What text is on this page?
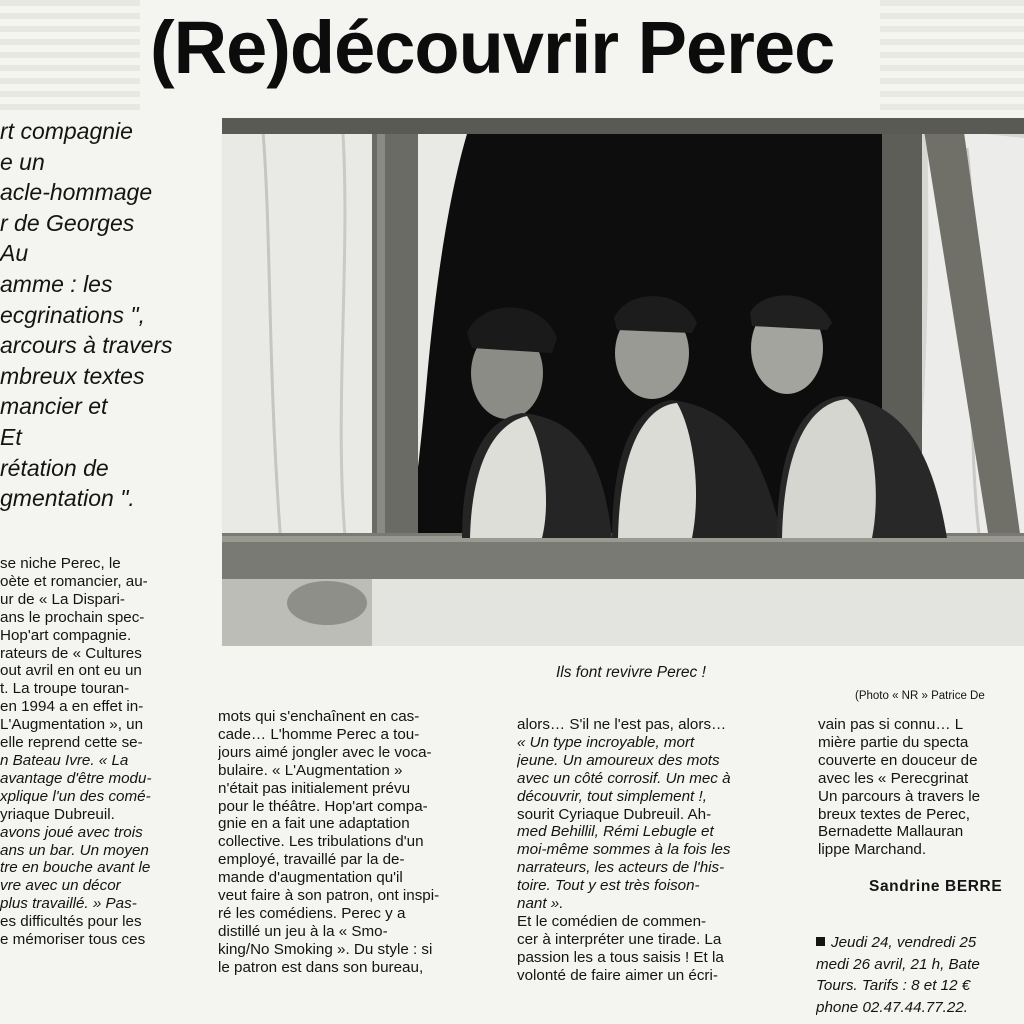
(Re)découvrir Perec
rt compagnie
e un
acle-hommage
r de Georges
Au
amme : les
ecgrinations ",
arcours à travers
mbreux textes
mancier et
Et
rétation de
gmentation ".
se niche Perec, le
oète et romancier, au-
ur de « La Dispari-
ans le prochain spec-
Hop'art compagnie.
rateurs de « Cultures
out avril en ont eu un
t. La troupe touran-
en 1994 a en effet in-
L'Augmentation », un
elle reprend cette se-
n Bateau Ivre. « La
avantage d'être modu-
xplique l'un des comé-
yriaque Dubreuil.
avons joué avec trois
ans un bar. Un moyen
tre en bouche avant le
vre avec un décor
plus travaillé. » Pas-
es difficultés pour les
e mémoriser tous ces
mots qui s'enchaînent en cas-
cade… L'homme Perec a tou-
jours aimé jongler avec le voca-
bulaire. « L'Augmentation »
n'était pas initialement prévu
pour le théâtre. Hop'art compa-
gnie en a fait une adaptation
collective. Les tribulations d'un
employé, travaillé par la de-
mande d'augmentation qu'il
veut faire à son patron, ont inspi-
ré les comédiens. Perec y a
distillé un jeu à la « Smo-
king/No Smoking ». Du style : si
le patron est dans son bureau,
alors… S'il ne l'est pas, alors…
« Un type incroyable, mort
jeune. Un amoureux des mots
avec un côté corrosif. Un mec à
découvrir, tout simplement !,
sourit Cyriaque Dubreuil. Ah-
med Behillil, Rémi Lebugle et
moi-même sommes à la fois les
narrateurs, les acteurs de l'his-
toire. Tout y est très foison-
nant ».
Et le comédien de commen-
cer à interpréter une tirade. La
passion les a tous saisis ! Et la
volonté de faire aimer un écri-
vain pas si connu… L
mière partie du specta
couverte en douceur de
avec les « Perecgrinat
Un parcours à travers le
breux textes de Perec,
Bernadette Mallauran
lippe Marchand.
Ils font revivre Perec !
(Photo « NR » Patrice De
Sandrine BERRE
Jeudi 24, vendredi 25
medi 26 avril, 21 h, Bate
Tours. Tarifs : 8 et 12 €
phone 02.47.44.77.22.
